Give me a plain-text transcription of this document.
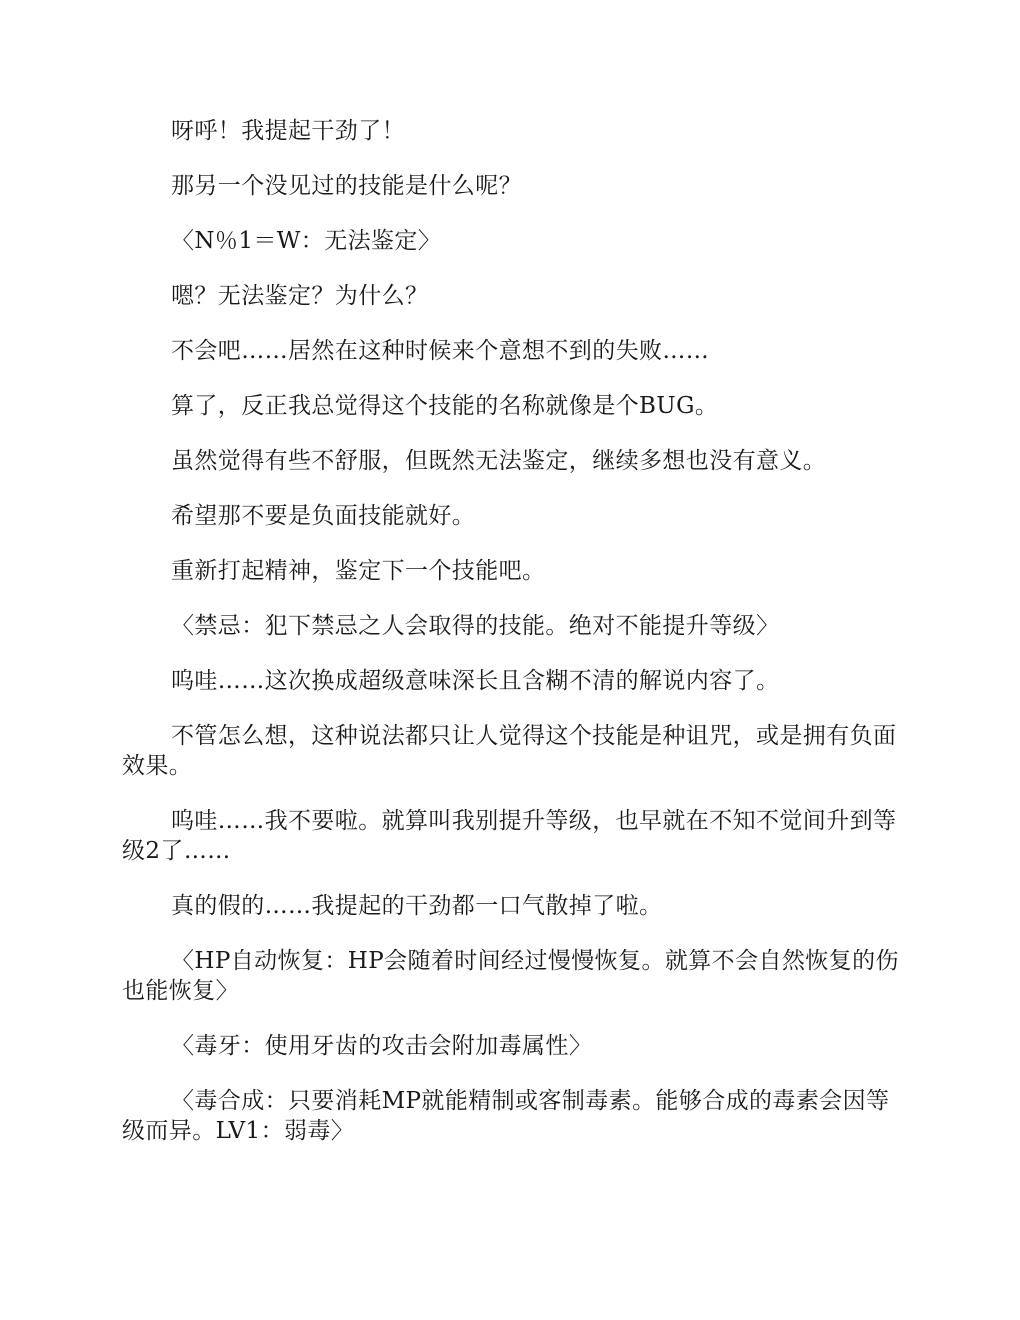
呀呼！我提起干劲了！

那另一个没见过的技能是什么呢？

〈N％1＝W：无法鉴定〉

嗯？无法鉴定？为什么？

不会吧……居然在这种时候来个意想不到的失败……

算了，反正我总觉得这个技能的名称就像是个BUG。

虽然觉得有些不舒服，但既然无法鉴定，继续多想也没有意义。

希望那不要是负面技能就好。

重新打起精神，鉴定下一个技能吧。

〈禁忌：犯下禁忌之人会取得的技能。绝对不能提升等级〉

呜哇……这次换成超级意味深长且含糊不清的解说内容了。

不管怎么想，这种说法都只让人觉得这个技能是种诅咒，或是拥有负面效果。

呜哇……我不要啦。就算叫我别提升等级，也早就在不知不觉间升到等级2了……

真的假的……我提起的干劲都一口气散掉了啦。

〈HP自动恢复：HP会随着时间经过慢慢恢复。就算不会自然恢复的伤也能恢复〉

〈毒牙：使用牙齿的攻击会附加毒属性〉

〈毒合成：只要消耗MP就能精制或客制毒素。能够合成的毒素会因等级而异。LV1：弱毒〉
